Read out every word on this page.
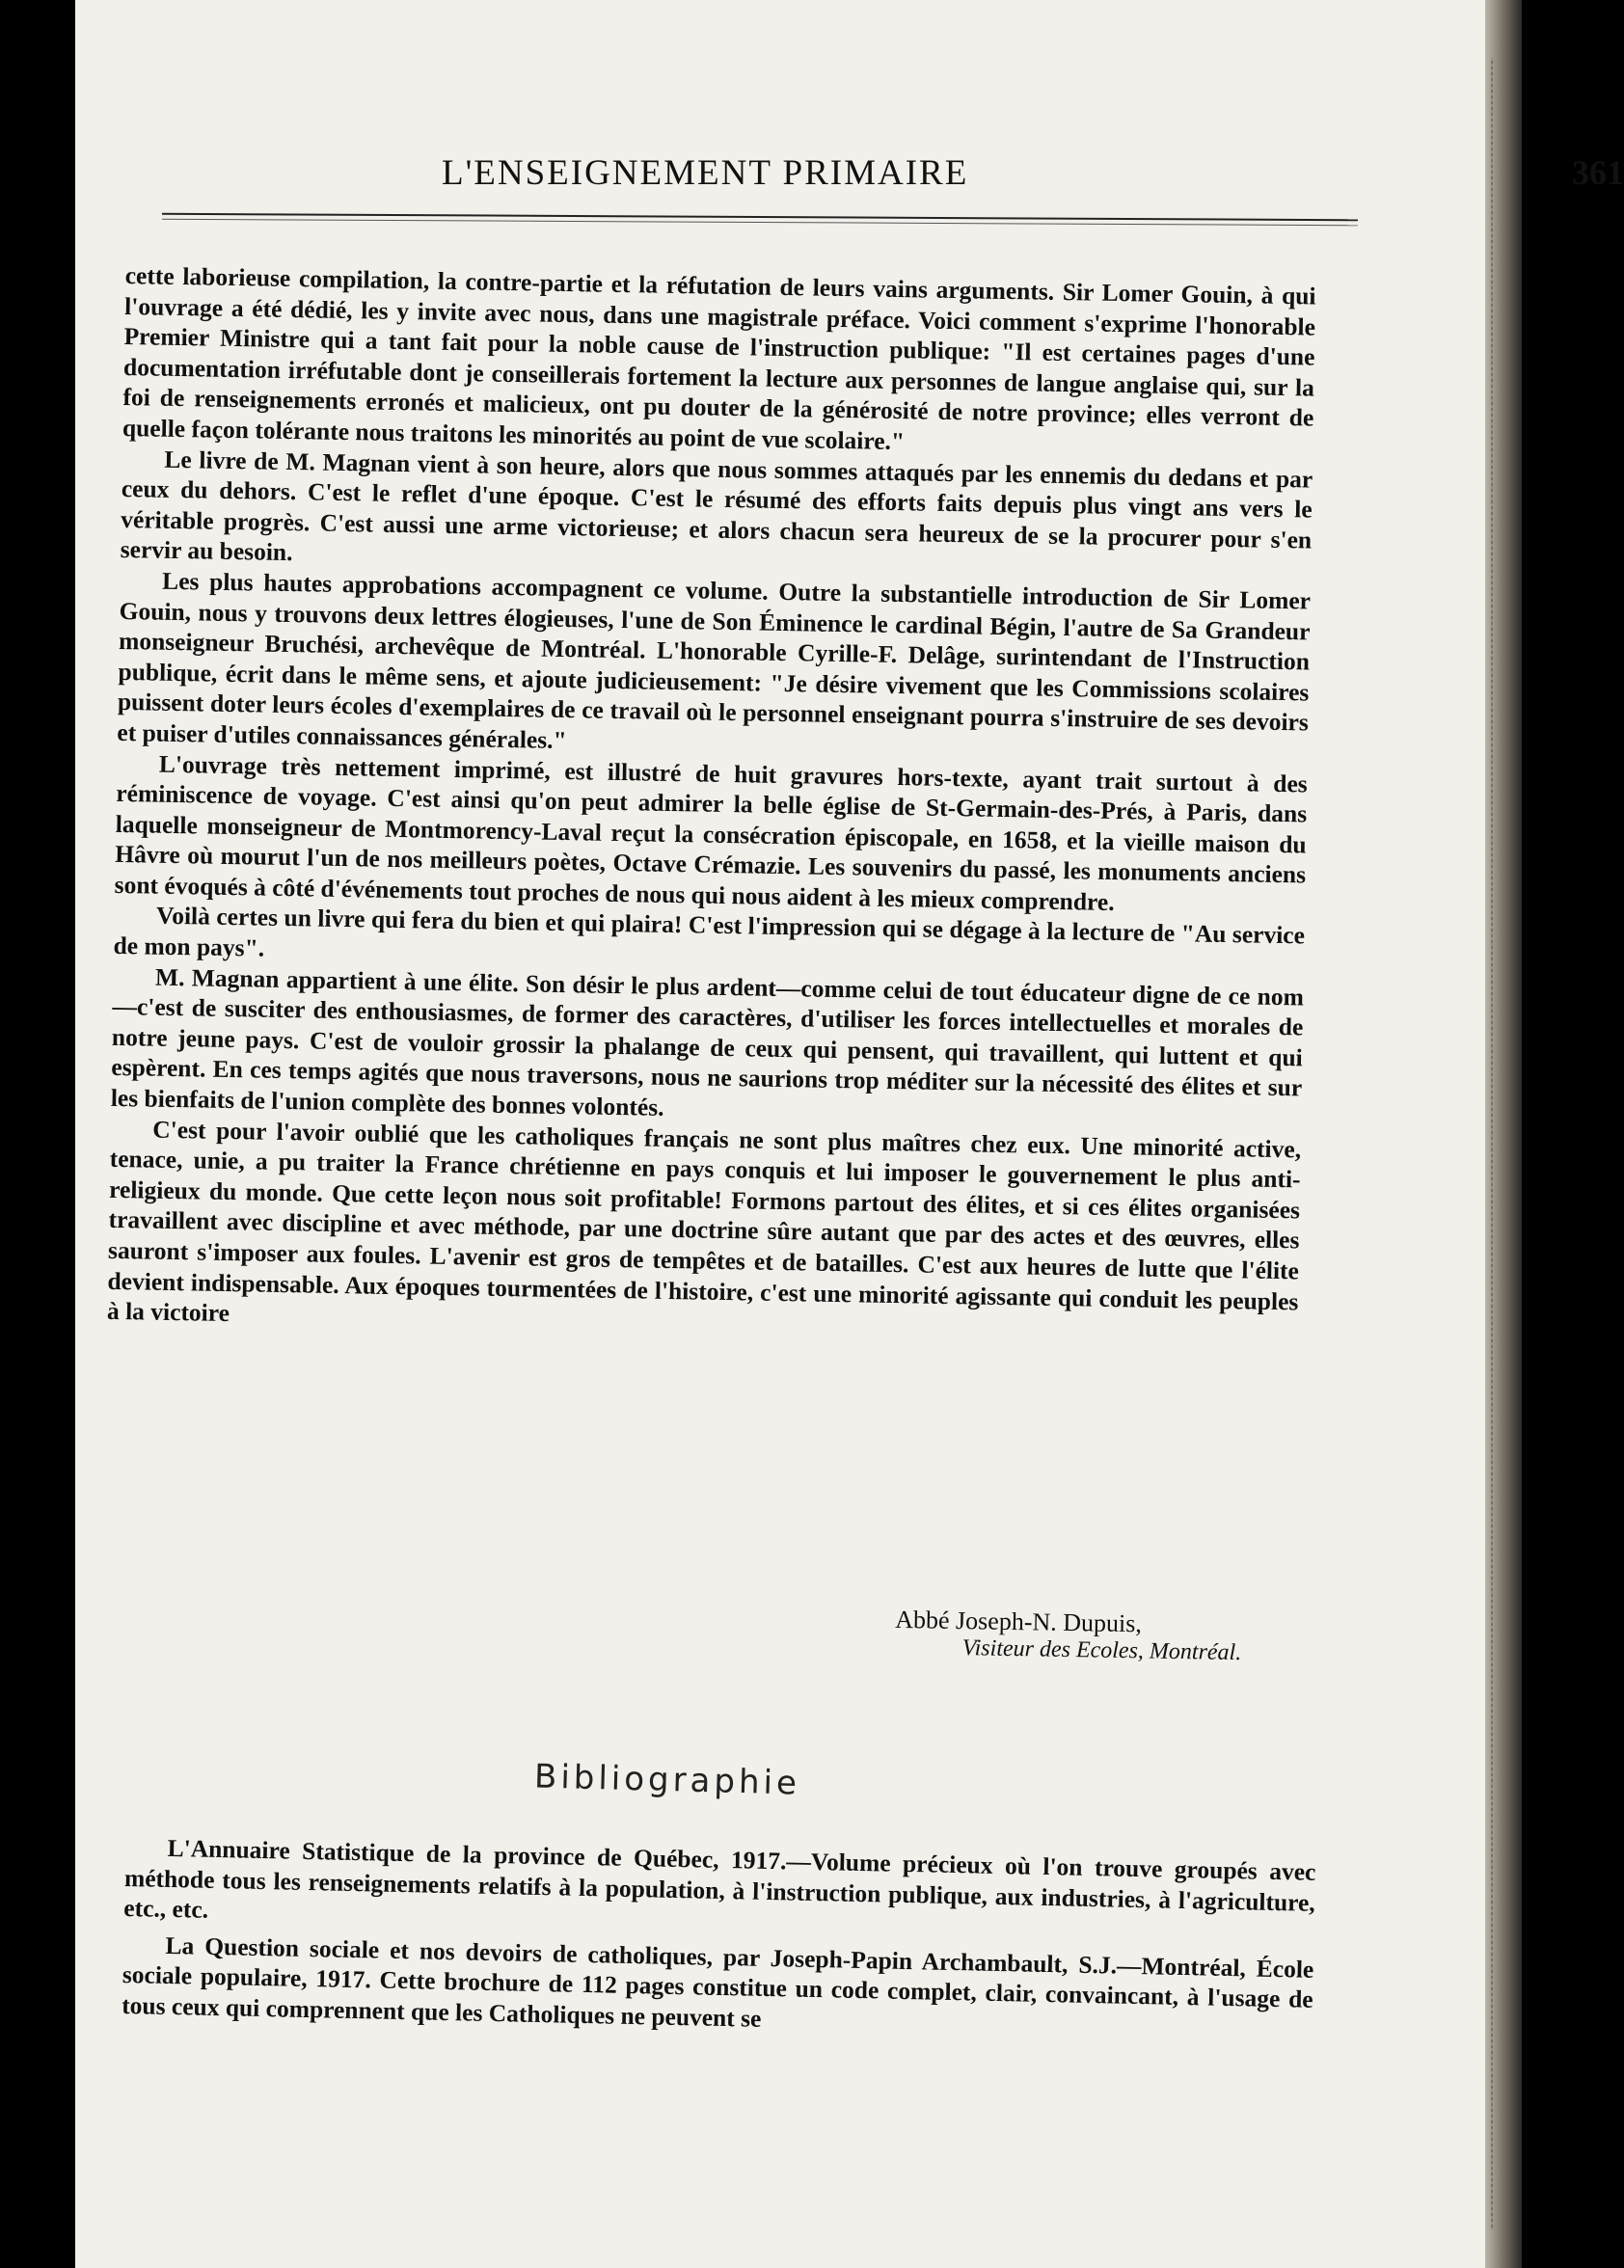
L'ENSEIGNEMENT PRIMAIRE	361

cette laborieuse compilation, la contre-partie et la réfutation de leurs vains arguments. Sir Lomer Gouin, à qui l'ouvrage a été dédié, les y invite avec nous, dans une magistrale préface. Voici comment s'exprime l'honorable Premier Ministre qui a tant fait pour la noble cause de l'instruction publique: "Il est certaines pages d'une documentation irréfutable dont je conseillerais fortement la lecture aux personnes de langue anglaise qui, sur la foi de renseignements erronés et malicieux, ont pu douter de la générosité de notre province; elles verront de quelle façon tolérante nous traitons les minorités au point de vue scolaire."

Le livre de M. Magnan vient à son heure, alors que nous sommes attaqués par les ennemis du dedans et par ceux du dehors. C'est le reflet d'une époque. C'est le résumé des efforts faits depuis plus vingt ans vers le véritable progrès. C'est aussi une arme victorieuse; et alors chacun sera heureux de se la procurer pour s'en servir au besoin.

Les plus hautes approbations accompagnent ce volume. Outre la substantielle introduction de Sir Lomer Gouin, nous y trouvons deux lettres élogieuses, l'une de Son Éminence le cardinal Bégin, l'autre de Sa Grandeur monseigneur Bruchési, archevêque de Montréal. L'honorable Cyrille-F. Delâge, surintendant de l'Instruction publique, écrit dans le même sens, et ajoute judicieusement: "Je désire vivement que les Commissions scolaires puissent doter leurs écoles d'exemplaires de ce travail où le personnel enseignant pourra s'instruire de ses devoirs et puiser d'utiles connaissances générales."

L'ouvrage très nettement imprimé, est illustré de huit gravures hors-texte, ayant trait surtout à des réminiscence de voyage. C'est ainsi qu'on peut admirer la belle église de St-Germain-des-Prés, à Paris, dans laquelle monseigneur de Montmorency-Laval reçut la consécration épiscopale, en 1658, et la vieille maison du Hâvre où mourut l'un de nos meilleurs poètes, Octave Crémazie. Les souvenirs du passé, les monuments anciens sont évoqués à côté d'événements tout proches de nous qui nous aident à les mieux comprendre.

Voilà certes un livre qui fera du bien et qui plaira! C'est l'impression qui se dégage à la lecture de "Au service de mon pays".

M. Magnan appartient à une élite. Son désir le plus ardent—comme celui de tout éducateur digne de ce nom—c'est de susciter des enthousiasmes, de former des caractères, d'utiliser les forces intellectuelles et morales de notre jeune pays. C'est de vouloir grossir la phalange de ceux qui pensent, qui travaillent, qui luttent et qui espèrent. En ces temps agités que nous traversons, nous ne saurions trop méditer sur la nécessité des élites et sur les bienfaits de l'union complète des bonnes volontés.

C'est pour l'avoir oublié que les catholiques français ne sont plus maîtres chez eux. Une minorité active, tenace, unie, a pu traiter la France chrétienne en pays conquis et lui imposer le gouvernement le plus anti-religieux du monde. Que cette leçon nous soit profitable! Formons partout des élites, et si ces élites organisées travaillent avec discipline et avec méthode, par une doctrine sûre autant que par des actes et des œuvres, elles sauront s'imposer aux foules. L'avenir est gros de tempêtes et de batailles. C'est aux heures de lutte que l'élite devient indispensable. Aux époques tourmentées de l'histoire, c'est une minorité agissante qui conduit les peuples à la victoire

Abbé Joseph-N. Dupuis,
Visiteur des Ecoles, Montréal.
Bibliographie

L'Annuaire Statistique de la province de Québec, 1917.—Volume précieux où l'on trouve groupés avec méthode tous les renseignements relatifs à la population, à l'instruction publique, aux industries, à l'agriculture, etc., etc.

La Question sociale et nos devoirs de catholiques, par Joseph-Papin Archambault, S.J.—Montréal, École sociale populaire, 1917. Cette brochure de 112 pages constitue un code complet, clair, convaincant, à l'usage de tous ceux qui comprennent que les Catholiques ne peuvent se
